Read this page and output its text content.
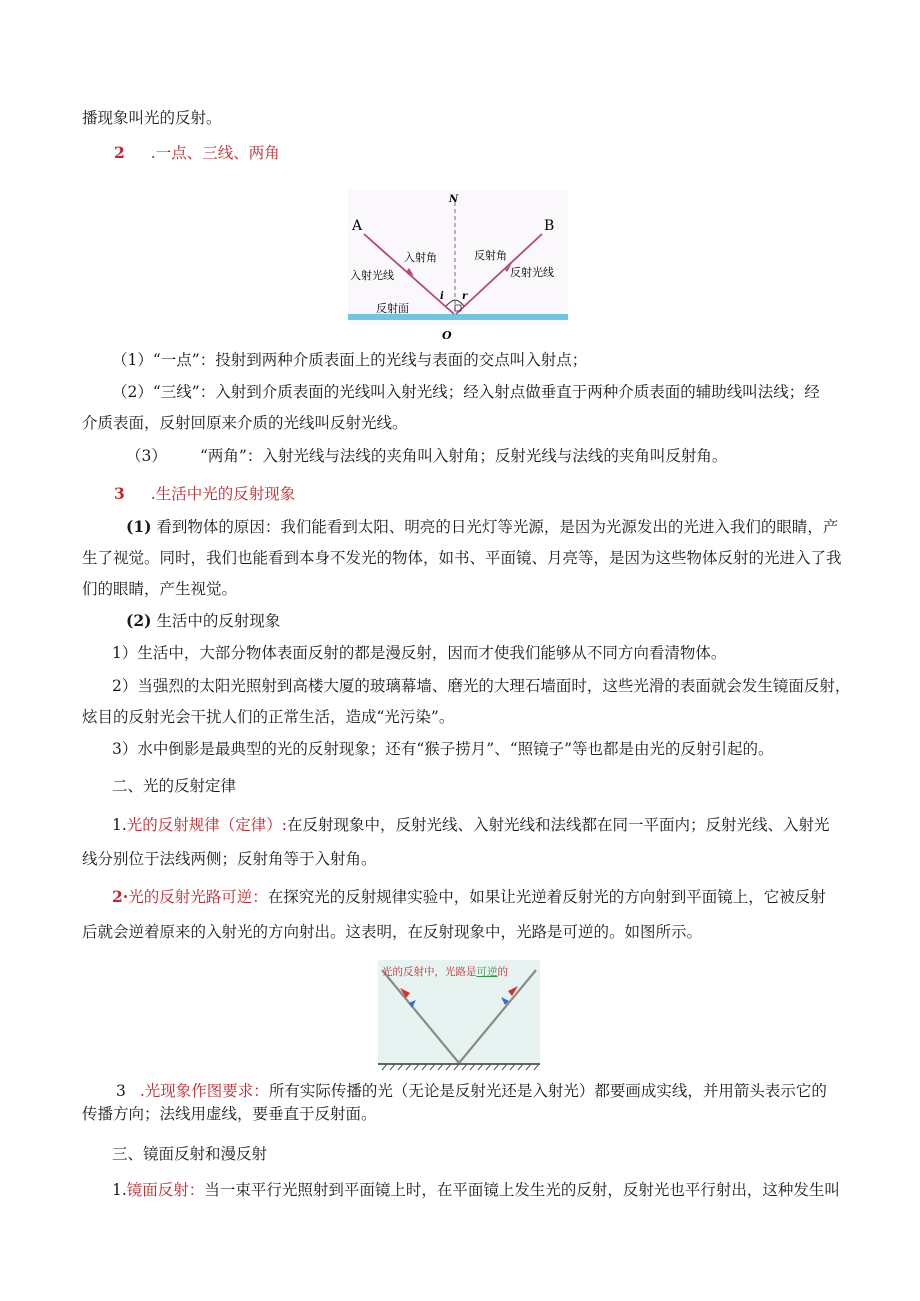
播现象叫光的反射。
2 .一点、三线、两角
N
A	B
O
i r
入射角	反射角
入射光线	反射光线
反射面
（1）“一点”：投射到两种介质表面上的光线与表面的交点叫入射点；
（2）“三线”：入射到介质表面的光线叫入射光线；经入射点做垂直于两种介质表面的辅助线叫法线；经
介质表面，反射回原来介质的光线叫反射光线。
（3） “两角”：入射光线与法线的夹角叫入射角；反射光线与法线的夹角叫反射角。
3 .生活中光的反射现象
(1) 看到物体的原因：我们能看到太阳、明亮的日光灯等光源，是因为光源发出的光进入我们的眼睛，产
生了视觉。同时，我们也能看到本身不发光的物体，如书、平面镜、月亮等，是因为这些物体反射的光进入了我
们的眼睛，产生视觉。
(2) 生活中的反射现象
1）生活中，大部分物体表面反射的都是漫反射，因而才使我们能够从不同方向看清物体。
2）当强烈的太阳光照射到高楼大厦的玻璃幕墙、磨光的大理石墙面时，这些光滑的表面就会发生镜面反射，
炫目的反射光会干扰人们的正常生活，造成“光污染”。
3）水中倒影是最典型的光的反射现象；还有“猴子捞月”、“照镜子”等也都是由光的反射引起的。
二、光的反射定律
1.光的反射规律（定律）:在反射现象中，反射光线、入射光线和法线都在同一平面内；反射光线、入射光
线分别位于法线两侧；反射角等于入射角。
2·光的反射光路可逆：在探究光的反射规律实验中，如果让光逆着反射光的方向射到平面镜上，它被反射
后就会逆着原来的入射光的方向射出。这表明，在反射现象中，光路是可逆的。如图所示。
光的反射中，光路是可逆的
3 .光现象作图要求：所有实际传播的光（无论是反射光还是入射光）都要画成实线，并用箭头表示它的
传播方向；法线用虚线，要垂直于反射面。
三、镜面反射和漫反射
1.镜面反射：当一束平行光照射到平面镜上时，在平面镜上发生光的反射，反射光也平行射出，这种发生叫
